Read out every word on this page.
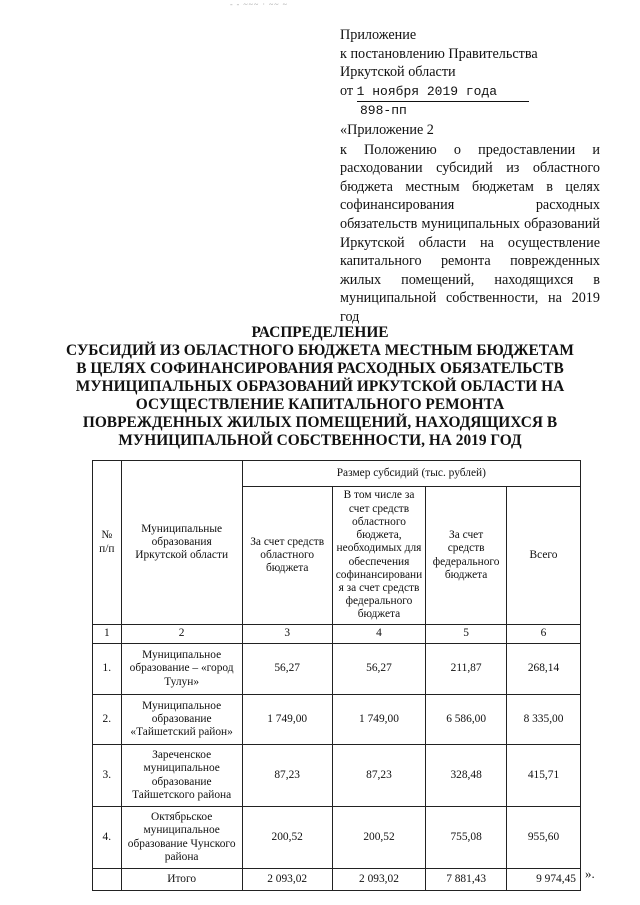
- - ~~~ · ~~ ~
Приложение
к постановлению Правительства
Иркутской области
от 1 ноября 2019 года
898-пп
«Приложение 2
к Положению о предоставлении и расходовании субсидий из областного бюджета местным бюджетам в целях софинансирования расходных обязательств муниципальных образований Иркутской области на осуществление капитального ремонта поврежденных жилых помещений, находящихся в муниципальной собственности, на 2019 год
РАСПРЕДЕЛЕНИЕ
СУБСИДИЙ ИЗ ОБЛАСТНОГО БЮДЖЕТА МЕСТНЫМ БЮДЖЕТАМ
В ЦЕЛЯХ СОФИНАНСИРОВАНИЯ РАСХОДНЫХ ОБЯЗАТЕЛЬСТВ
МУНИЦИПАЛЬНЫХ ОБРАЗОВАНИЙ ИРКУТСКОЙ ОБЛАСТИ НА
ОСУЩЕСТВЛЕНИЕ КАПИТАЛЬНОГО РЕМОНТА
ПОВРЕЖДЕННЫХ ЖИЛЫХ ПОМЕЩЕНИЙ, НАХОДЯЩИХСЯ В
МУНИЦИПАЛЬНОЙ СОБСТВЕННОСТИ, НА 2019 ГОД
№ п/п	Муниципальные образования Иркутской области	Размер субсидий (тыс. рублей)			
		За счет средств областного бюджета	В том числе за счет средств областного бюджета, необходимых для обеспечения софинансировани я за счет средств федерального бюджета	За счет средств федерального бюджета	Всего
1	2	3	4	5	6
1.	Муниципальное образование – «город Тулун»	56,27	56,27	211,87	268,14
2.	Муниципальное образование «Тайшетский район»	1 749,00	1 749,00	6 586,00	8 335,00
3.	Зареченское муниципальное образование Тайшетского района	87,23	87,23	328,48	415,71
4.	Октябрьское муниципальное образование Чунского района	200,52	200,52	755,08	955,60
	Итого	2 093,02	2 093,02	7 881,43	9 974,45 ».
